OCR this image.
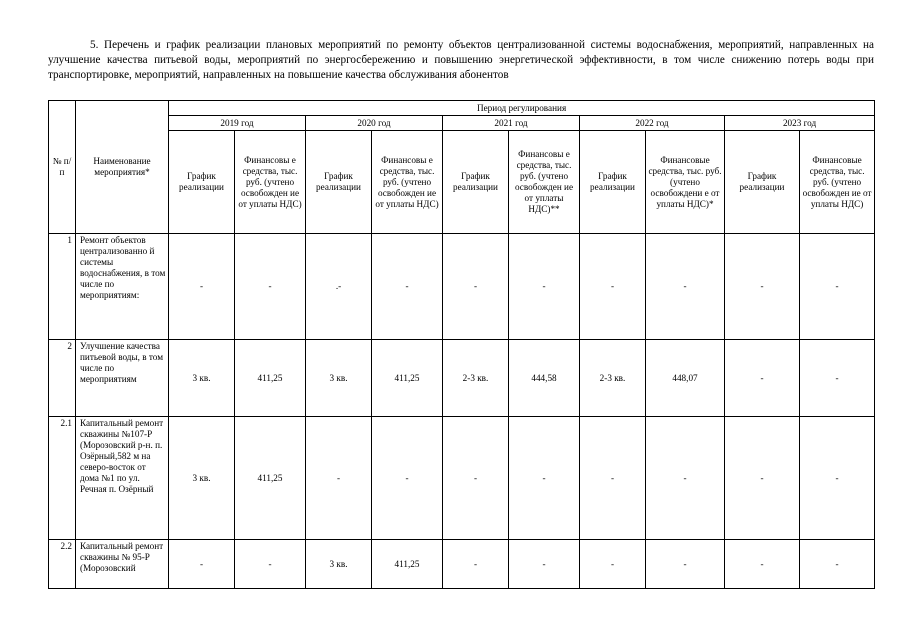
5. Перечень и график реализации плановых мероприятий по ремонту объектов централизованной системы водоснабжения, мероприятий, направленных на улучшение качества питьевой воды, мероприятий по энергосбережению и повышению энергетической эффективности, в том числе снижению потерь воды при транспортировке, мероприятий, направленных на повышение качества обслуживания абонентов
№ п/п	Наименование мероприятия*	Период регулирования									
		2019 год		2020 год		2021 год		2022 год		2023 год	
		График реализации	Финансовы е средства, тыс. руб. (учтено освобожден ие от уплаты НДС)	График реализации	Финансовы е средства, тыс. руб. (учтено освобожден ие от уплаты НДС)	График реализации	Финансовы е средства, тыс. руб. (учтено освобожден ие от уплаты НДС)**	График реализации	Финансовые средства, тыс. руб. (учтено освобождени е от уплаты НДС)*	График реализации	Финансовые средства, тыс. руб. (учтено освобожден ие от уплаты НДС)
1	Ремонт объектов централизованно й системы водоснабжения, в том числе по мероприятиям:	-	-	.-	-	-	-	-	-	-	-
2	Улучшение качества питьевой воды, в том числе по мероприятиям	3 кв.	411,25	3 кв.	411,25	2-3 кв.	444,58	2-3 кв.	448,07	-	-
2.1	Капитальный ремонт скважины №107-Р (Морозовский р-н. п. Озёрный,582 м на северо-восток от дома №1 по ул. Речная п. Озёрный	3 кв.	411,25	-	-	-	-	-	-	-	-
2.2	Капитальный ремонт скважины № 95-Р (Морозовский	-	-	3 кв.	411,25	-	-	-	-	-	-
